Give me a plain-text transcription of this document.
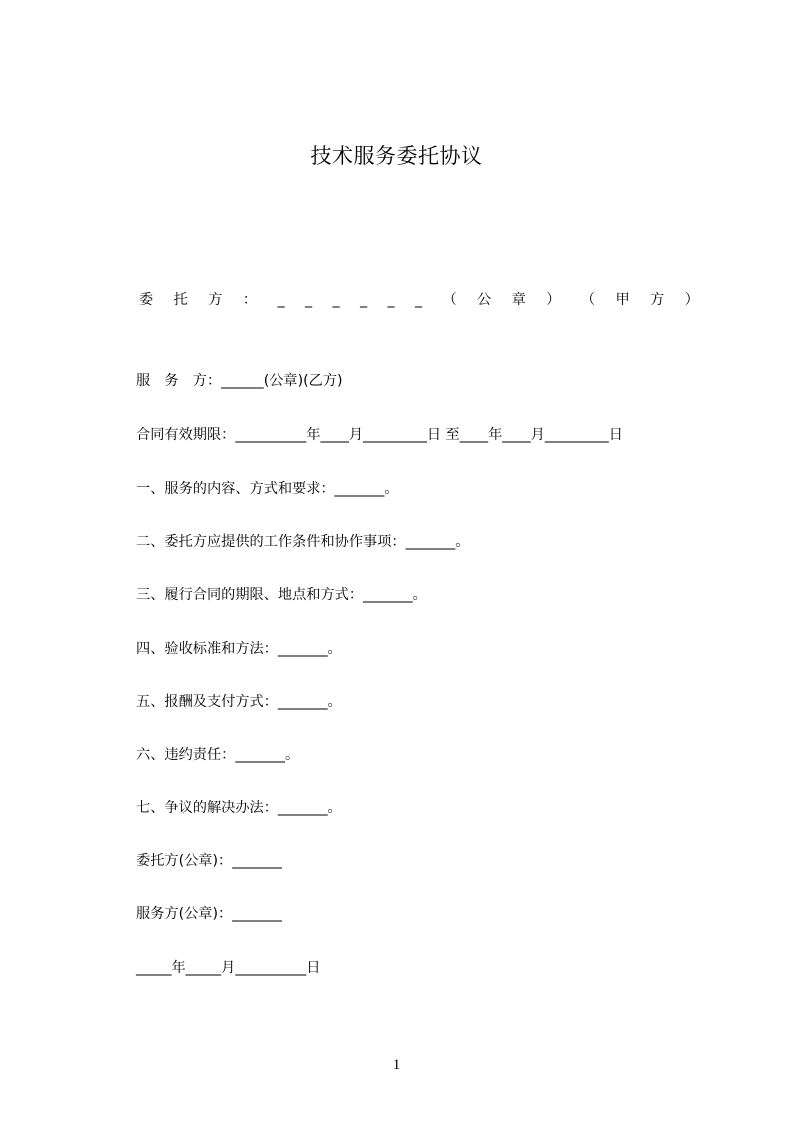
技术服务委托协议
委 托 方 ： _ _ _ _ _ _ （ 公 章 ） （ 甲 方 ）
服　务　方：______(公章)(乙方)
合同有效期限：__________年____月_________日 至____年____月_________日
一、服务的内容、方式和要求：_______。
二、委托方应提供的工作条件和协作事项：_______。
三、履行合同的期限、地点和方式：_______。
四、验收标准和方法：_______。
五、报酬及支付方式：_______。
六、违约责任：_______。
七、争议的解决办法：_______。
委托方(公章)：_______
服务方(公章)：_______
_____年_____月__________日
1
